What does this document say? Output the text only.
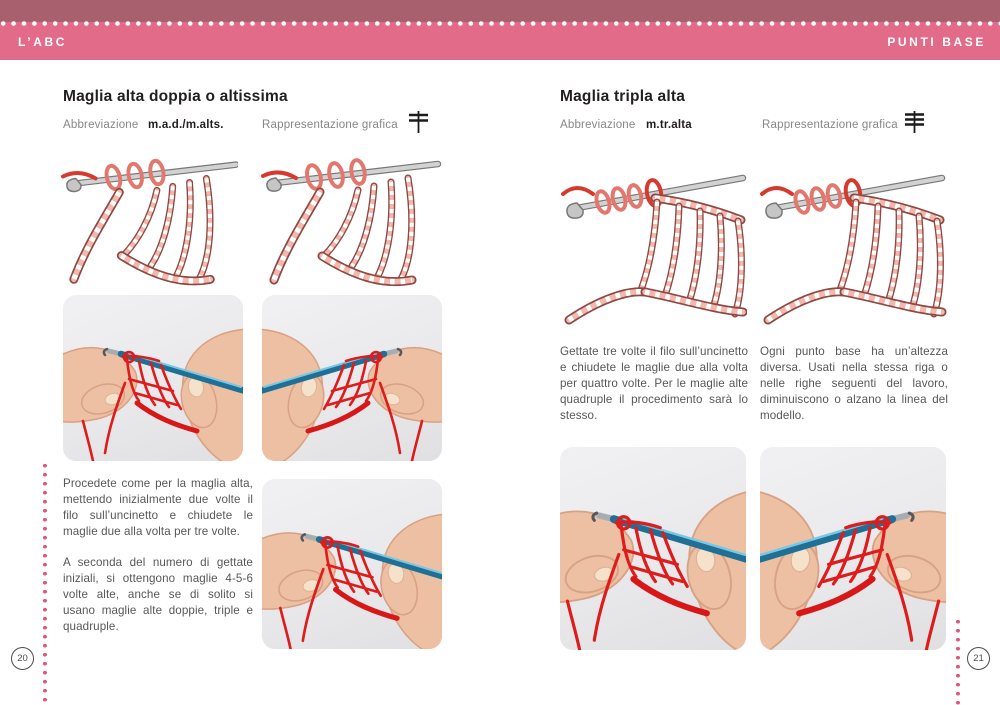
L’ABC	PUNTI BASE
Maglia alta doppia o altissima
Abbreviazione m.a.d./m.alts.	Rappresentazione grafica

Procedete come per la maglia alta, mettendo inizialmente due volte il filo sull’uncinetto e chiudete le maglie due alla volta per tre volte.

A seconda del numero di gettate iniziali, si ottengono maglie 4-5-6 volte alte, anche se di solito si usano maglie alte doppie, triple e quadruple.

20
Maglia tripla alta
Abbreviazione m.tr.alta	Rappresentazione grafica

Gettate tre volte il filo sull’uncinetto e chiudete le maglie due alla volta per quattro volte. Per le maglie alte quadruple il procedimento sarà lo stesso.

Ogni punto base ha un’altezza diversa. Usati nella stessa riga o nelle righe seguenti del lavoro, diminuiscono o alzano la linea del modello.

21
